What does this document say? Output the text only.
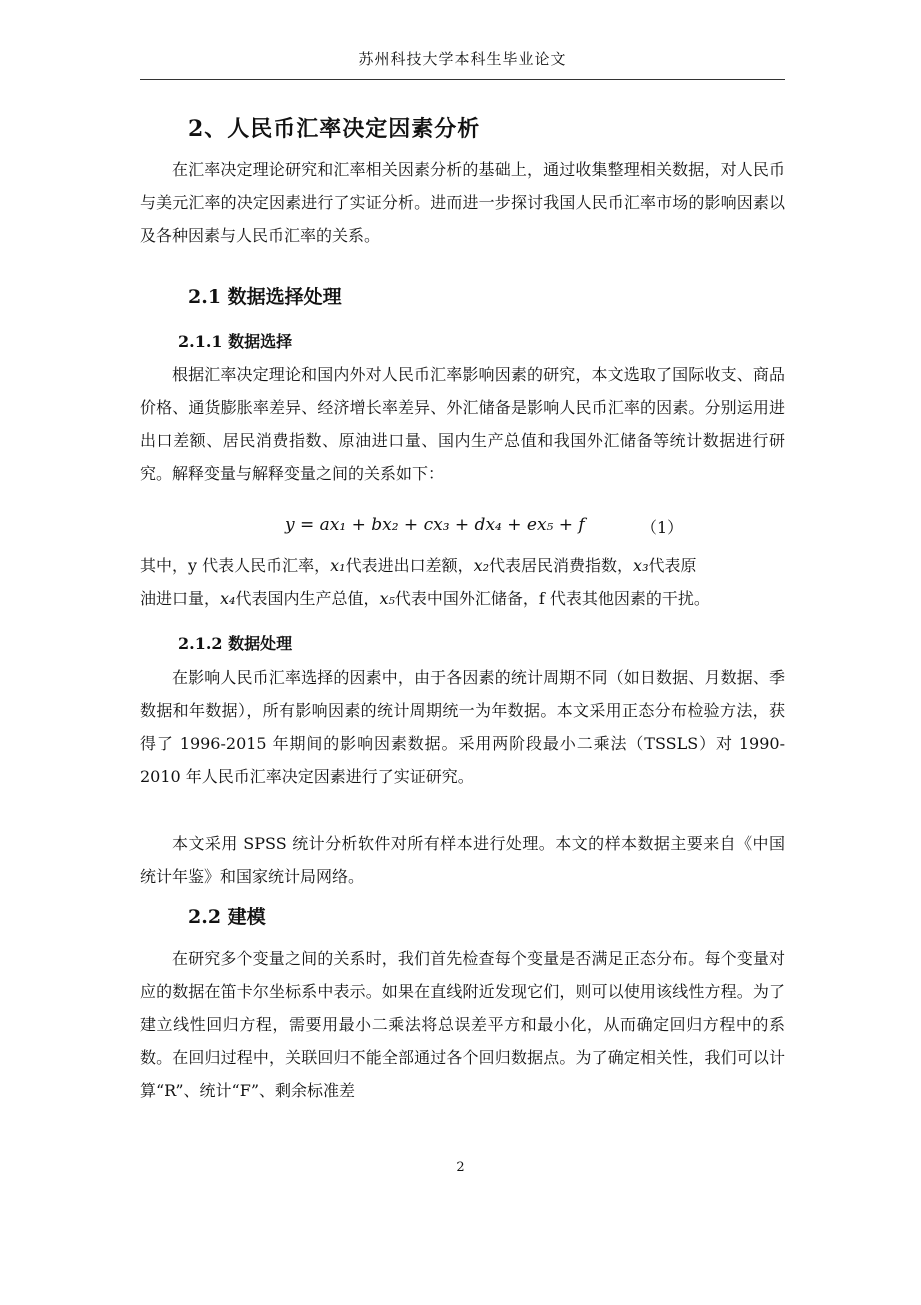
苏州科技大学本科生毕业论文
2、人民币汇率决定因素分析

在汇率决定理论研究和汇率相关因素分析的基础上，通过收集整理相关数据，对人民币与美元汇率的决定因素进行了实证分析。进而进一步探讨我国人民币汇率市场的影响因素以及各种因素与人民币汇率的关系。

2.1 数据选择处理
2.1.1 数据选择

根据汇率决定理论和国内外对人民币汇率影响因素的研究，本文选取了国际收支、商品价格、通货膨胀率差异、经济增长率差异、外汇储备是影响人民币汇率的因素。分别运用进出口差额、居民消费指数、原油进口量、国内生产总值和我国外汇储备等统计数据进行研究。解释变量与解释变量之间的关系如下：

y = ax₁ + bx₂ + cx₃ + dx₄ + ex₅ + f	（1）

其中，y 代表人民币汇率，x₁代表进出口差额，x₂代表居民消费指数，x₃代表原

油进口量，x₄代表国内生产总值，x₅代表中国外汇储备，f 代表其他因素的干扰。

2.1.2 数据处理

在影响人民币汇率选择的因素中，由于各因素的统计周期不同（如日数据、月数据、季数据和年数据），所有影响因素的统计周期统一为年数据。本文采用正态分布检验方法，获得了 1996-2015 年期间的影响因素数据。采用两阶段最小二乘法（TSSLS）对 1990-2010 年人民币汇率决定因素进行了实证研究。

本文采用 SPSS 统计分析软件对所有样本进行处理。本文的样本数据主要来自《中国统计年鉴》和国家统计局网络。

2.2 建模

在研究多个变量之间的关系时，我们首先检查每个变量是否满足正态分布。每个变量对应的数据在笛卡尔坐标系中表示。如果在直线附近发现它们，则可以使用该线性方程。为了建立线性回归方程，需要用最小二乘法将总误差平方和最小化，从而确定回归方程中的系数。在回归过程中，关联回归不能全部通过各个回归数据点。为了确定相关性，我们可以计算“R”、统计“F”、剩余标准差

2
